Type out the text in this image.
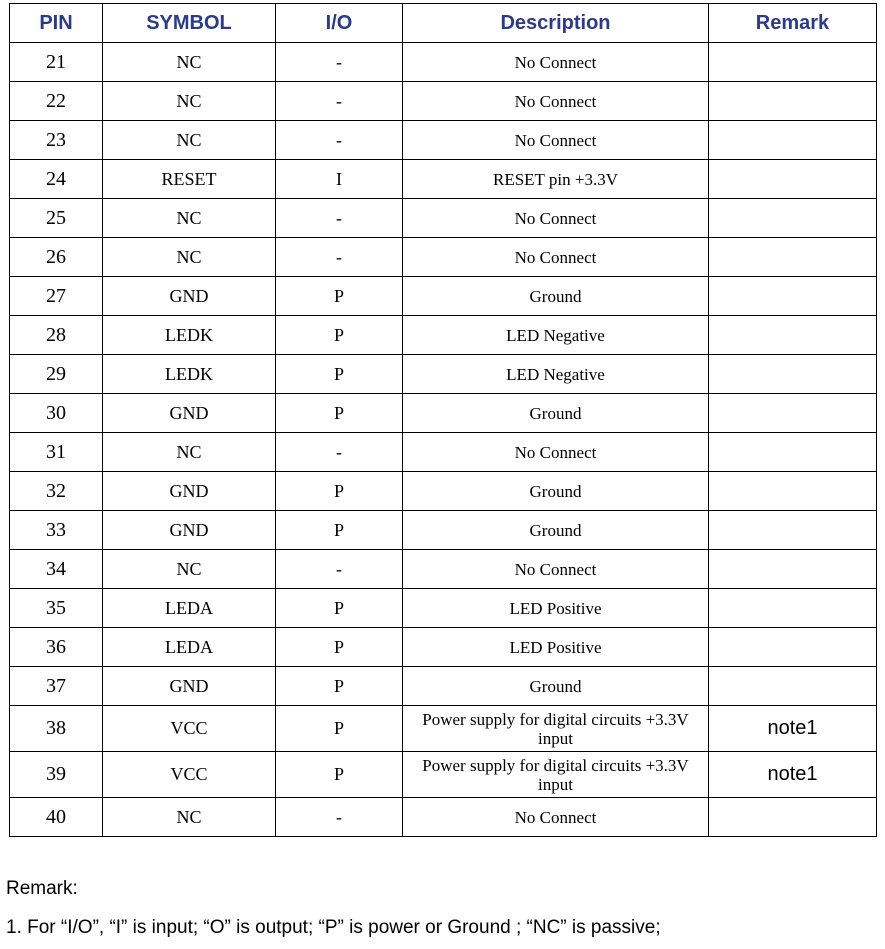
PIN	SYMBOL	I/O	Description	Remark
21	NC	-	No Connect	
22	NC	-	No Connect	
23	NC	-	No Connect	
24	RESET	I	RESET pin +3.3V	
25	NC	-	No Connect	
26	NC	-	No Connect	
27	GND	P	Ground	
28	LEDK	P	LED Negative	
29	LEDK	P	LED Negative	
30	GND	P	Ground	
31	NC	-	No Connect	
32	GND	P	Ground	
33	GND	P	Ground	
34	NC	-	No Connect	
35	LEDA	P	LED Positive	
36	LEDA	P	LED Positive	
37	GND	P	Ground	
38	VCC	P	Power supply for digital circuits +3.3V input	note1
39	VCC	P	Power supply for digital circuits +3.3V input	note1
40	NC	-	No Connect	
Remark:
1. For “I/O”, “I” is input; “O” is output; “P” is power or Ground ; “NC” is passive;
